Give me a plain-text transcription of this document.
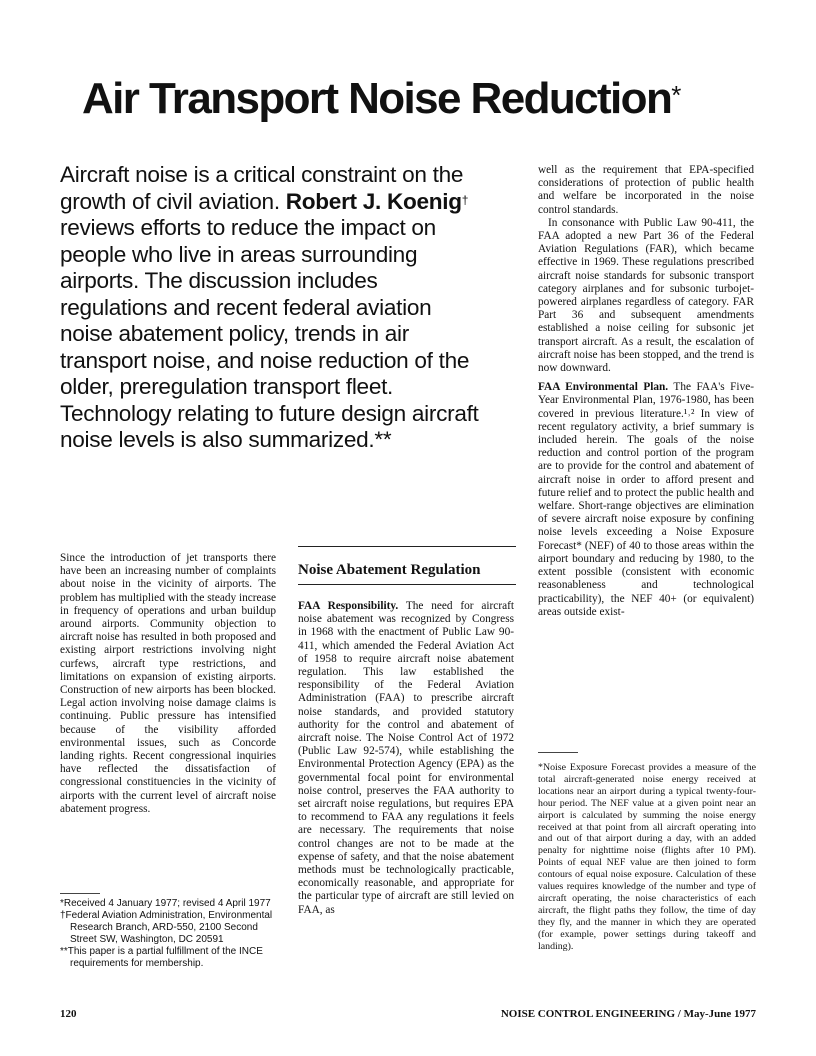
Air Transport Noise Reduction*
Aircraft noise is a critical constraint on the growth of civil aviation. Robert J. Koenig† reviews efforts to reduce the impact on people who live in areas surrounding airports. The discussion includes regulations and recent federal aviation noise abatement policy, trends in air transport noise, and noise reduction of the older, preregulation transport fleet. Technology relating to future design aircraft noise levels is also summarized.**

Since the introduction of jet transports there have been an increasing number of complaints about noise in the vicinity of airports. The problem has multiplied with the steady increase in frequency of operations and urban buildup around airports. Community objection to aircraft noise has resulted in both proposed and existing airport restrictions involving night curfews, aircraft type restrictions, and limitations on expansion of existing airports. Construction of new airports has been blocked. Legal action involving noise damage claims is continuing. Public pressure has intensified because of the visibility afforded environmental issues, such as Concorde landing rights. Recent congressional inquiries have reflected the dissatisfaction of congressional constituencies in the vicinity of airports with the current level of aircraft noise abatement progress.

Noise Abatement Regulation

FAA Responsibility. The need for aircraft noise abatement was recognized by Congress in 1968 with the enactment of Public Law 90-411, which amended the Federal Aviation Act of 1958 to require aircraft noise abatement regulation. This law established the responsibility of the Federal Aviation Administration (FAA) to prescribe aircraft noise standards, and provided statutory authority for the control and abatement of aircraft noise. The Noise Control Act of 1972 (Public Law 92-574), while establishing the Environmental Protection Agency (EPA) as the governmental focal point for environmental noise control, preserves the FAA authority to set aircraft noise regulations, but requires EPA to recommend to FAA any regulations it feels are necessary. The requirements that noise control changes are not to be made at the expense of safety, and that the noise abatement methods must be technologically practicable, economically reasonable, and appropriate for the particular type of aircraft are still levied on FAA, as

well as the requirement that EPA-specified considerations of protection of public health and welfare be incorporated in the noise control standards.

In consonance with Public Law 90-411, the FAA adopted a new Part 36 of the Federal Aviation Regulations (FAR), which became effective in 1969. These regulations prescribed aircraft noise standards for subsonic transport category airplanes and for subsonic turbojet-powered airplanes regardless of category. FAR Part 36 and subsequent amendments established a noise ceiling for subsonic jet transport aircraft. As a result, the escalation of aircraft noise has been stopped, and the trend is now downward.

FAA Environmental Plan. The FAA's Five-Year Environmental Plan, 1976-1980, has been covered in previous literature.¹˒² In view of recent regulatory activity, a brief summary is included herein. The goals of the noise reduction and control portion of the program are to provide for the control and abatement of aircraft noise in order to afford present and future relief and to protect the public health and welfare. Short-range objectives are elimination of severe aircraft noise exposure by confining noise levels exceeding a Noise Exposure Forecast* (NEF) of 40 to those areas within the airport boundary and reducing by 1980, to the extent possible (consistent with economic reasonableness and technological practicability), the NEF 40+ (or equivalent) areas outside exist-

*Received 4 January 1977; revised 4 April 1977

†Federal Aviation Administration, Environmental Research Branch, ARD-550, 2100 Second Street SW, Washington, DC 20591

**This paper is a partial fulfillment of the INCE requirements for membership.

*Noise Exposure Forecast provides a measure of the total aircraft-generated noise energy received at locations near an airport during a typical twenty-four-hour period. The NEF value at a given point near an airport is calculated by summing the noise energy received at that point from all aircraft operating into and out of that airport during a day, with an added penalty for nighttime noise (flights after 10 PM). Points of equal NEF value are then joined to form contours of equal noise exposure. Calculation of these values requires knowledge of the number and type of aircraft operating, the noise characteristics of each aircraft, the flight paths they follow, the time of day they fly, and the manner in which they are operated (for example, power settings during takeoff and landing).
120	NOISE CONTROL ENGINEERING / May-June 1977
